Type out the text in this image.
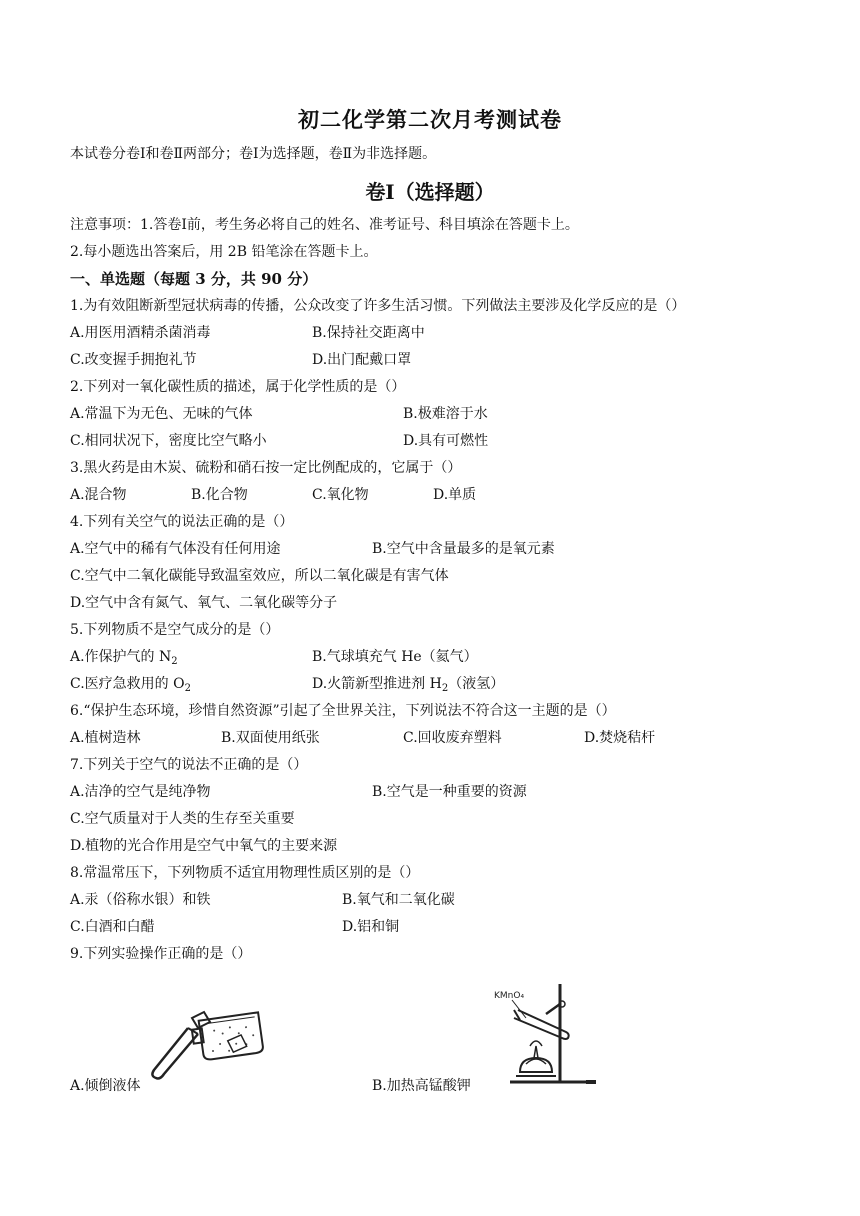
初二化学第二次月考测试卷
本试卷分卷Ⅰ和卷Ⅱ两部分；卷Ⅰ为选择题，卷Ⅱ为非选择题。
卷Ⅰ（选择题）
注意事项：1.答卷Ⅰ前，考生务必将自己的姓名、准考证号、科目填涂在答题卡上。
2.每小题选出答案后，用 2B 铅笔涂在答题卡上。
一、单选题（每题 3 分，共 90 分）
1.为有效阻断新型冠状病毒的传播，公众改变了许多生活习惯。下列做法主要涉及化学反应的是（）
A.用医用酒精杀菌消毒	B.保持社交距离中
C.改变握手拥抱礼节	D.出门配戴口罩
2.下列对一氧化碳性质的描述，属于化学性质的是（）
A.常温下为无色、无味的气体	B.极难溶于水
C.相同状况下，密度比空气略小	D.具有可燃性
3.黑火药是由木炭、硫粉和硝石按一定比例配成的，它属于（）
A.混合物	B.化合物	C.氧化物	D.单质
4.下列有关空气的说法正确的是（）
A.空气中的稀有气体没有任何用途	B.空气中含量最多的是氧元素
C.空气中二氧化碳能导致温室效应，所以二氧化碳是有害气体
D.空气中含有氮气、氧气、二氧化碳等分子
5.下列物质不是空气成分的是（）
A.作保护气的 $N_2$	B.气球填充气 He（氦气）
C.医疗急救用的 $O_2$	D.火箭新型推进剂 $H_2$（液氢）
6.“保护生态环境，珍惜自然资源”引起了全世界关注，下列说法不符合这一主题的是（）
A.植树造林	B.双面使用纸张	C.回收废弃塑料	D.焚烧秸杆
7.下列关于空气的说法不正确的是（）
A.洁净的空气是纯净物	B.空气是一种重要的资源
C.空气质量对于人类的生存至关重要
D.植物的光合作用是空气中氧气的主要来源
8.常温常压下，下列物质不适宜用物理性质区别的是（）
A.汞（俗称水银）和铁	B.氧气和二氧化碳
C.白酒和白醋	D.铝和铜
9.下列实验操作正确的是（）
A.倾倒液体
KMnO₄
B.加热高锰酸钾
